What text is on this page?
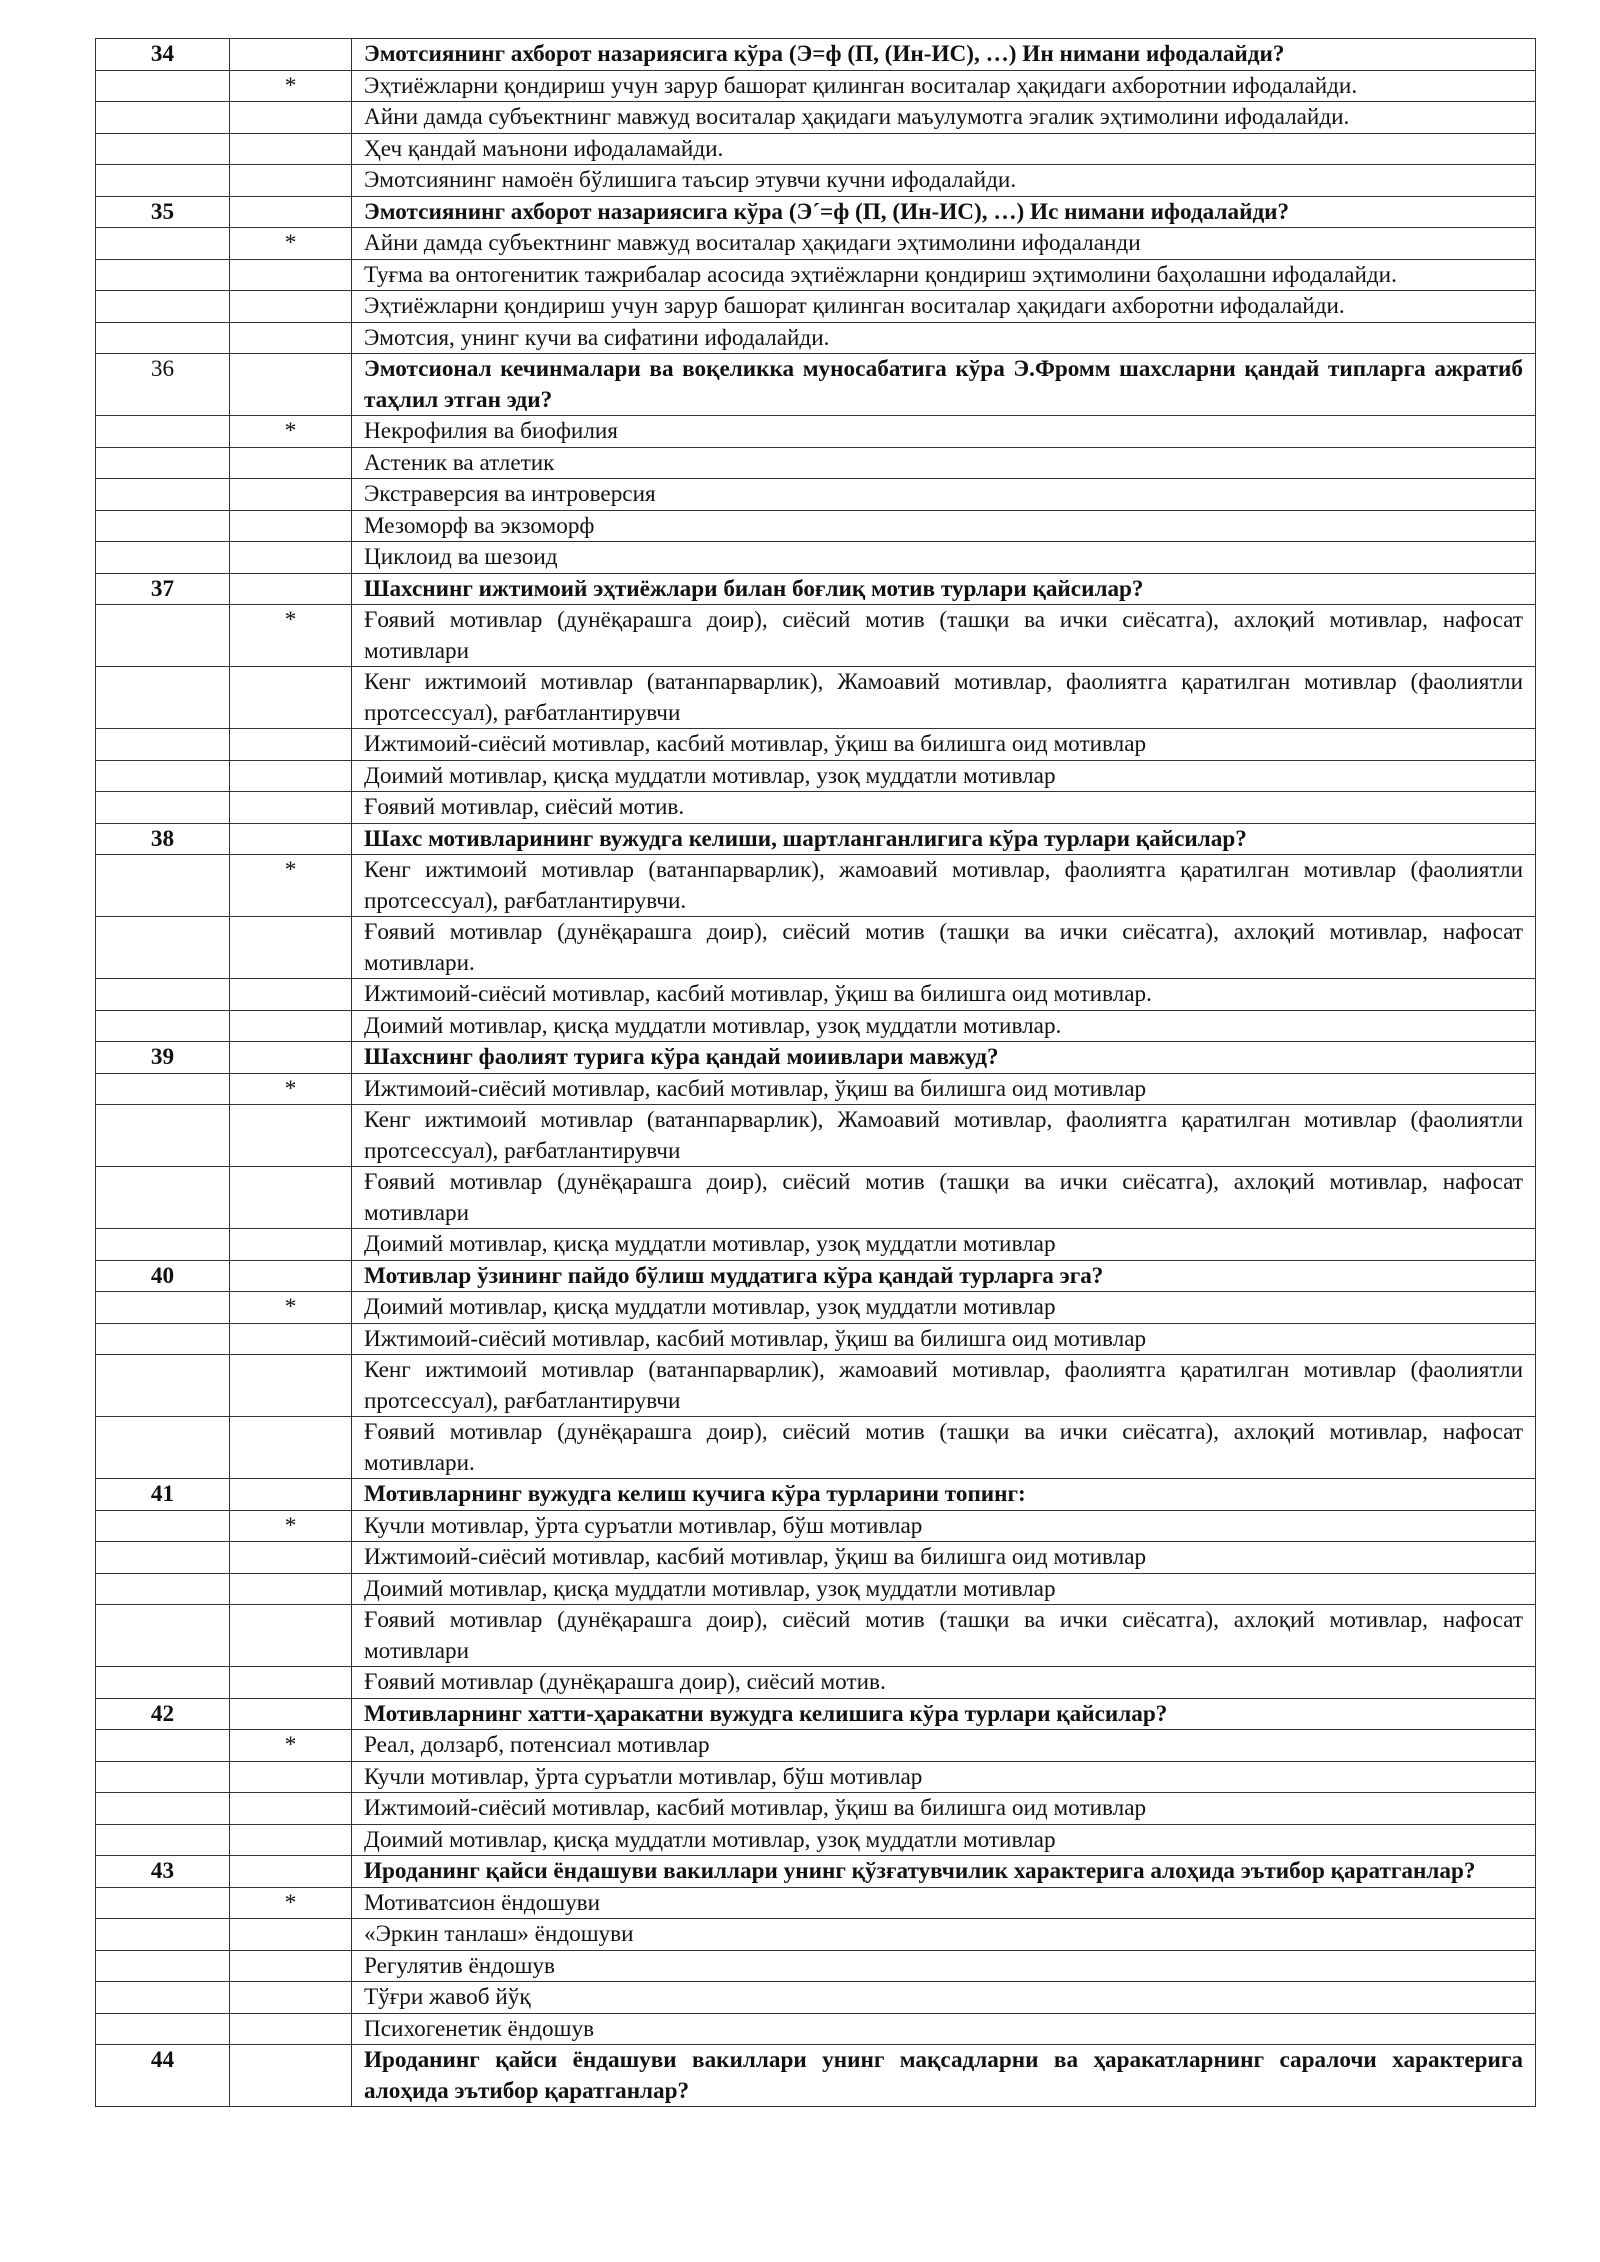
34		Эмотсиянинг ахборот назариясига кўра (Э=ф (П, (Ин-ИС), …) Ин нимани ифодалайди?
	*	Эҳтиёжларни қондириш учун зарур башорат қилинган воситалар ҳақидаги ахборотнии ифодалайди.
		Айни дамда субъектнинг мавжуд воситалар ҳақидаги маъулумотга эгалик эҳтимолини ифодалайди.
		Ҳеч қандай маънони ифодаламайди.
		Эмотсиянинг намоён бўлишига таъсир этувчи кучни ифодалайди.
35		Эмотсиянинг ахборот назариясига кўра (Э´=ф (П, (Ин-ИС), …) Иc нимани ифодалайди?
	*	Айни дамда субъектнинг мавжуд воситалар ҳақидаги эҳтимолини ифодаланди
		Туғма ва онтогенитик тажрибалар асосида эҳтиёжларни қондириш эҳтимолини баҳолашни ифодалайди.
		Эҳтиёжларни қондириш учун зарур башорат қилинган воситалар ҳақидаги ахборотни ифодалайди.
		Эмотсия, унинг кучи ва сифатини ифодалайди.
36		Эмотсионал кечинмалари ва воқеликка муносабатига кўра Э.Фромм шахсларни қандай типларга ажратиб таҳлил этган эди?
	*	Некрофилия ва биофилия
		Астеник ва атлетик
		Экстраверсия ва интроверсия
		Мезоморф ва экзоморф
		Циклоид ва шезоид
37		Шахснинг ижтимоий эҳтиёжлари билан боғлиқ мотив турлари қайсилар?
	*	Ғоявий мотивлар (дунёқарашга доир), сиёсий мотив (ташқи ва ички сиёсатга), ахлоқий мотивлар, нафосат мотивлари
		Кенг ижтимоий мотивлар (ватанпарварлик), Жамоавий мотивлар, фаолиятга қаратилган мотивлар (фаолиятли протсессуал), рағбатлантирувчи
		Ижтимоий-сиёсий мотивлар, касбий мотивлар, ўқиш ва билишга оид мотивлар
		Доимий мотивлар, қисқа муддатли мотивлар, узоқ муддатли мотивлар
		Ғоявий мотивлар, сиёсий мотив.
38		Шахс мотивларининг вужудга келиши, шартланганлигига кўра турлари қайсилар?
	*	Кенг ижтимоий мотивлар (ватанпарварлик), жамоавий мотивлар, фаолиятга қаратилган мотивлар (фаолиятли протсессуал), рағбатлантирувчи.
		Ғоявий мотивлар (дунёқарашга доир), сиёсий мотив (ташқи ва ички сиёсатга), ахлоқий мотивлар, нафосат мотивлари.
		Ижтимоий-сиёсий мотивлар, касбий мотивлар, ўқиш ва билишга оид мотивлар.
		Доимий мотивлар, қисқа муддатли мотивлар, узоқ муддатли мотивлар.
39		Шахснинг фаолият турига кўра қандай моиивлари мавжуд?
	*	Ижтимоий-сиёсий мотивлар, касбий мотивлар, ўқиш ва билишга оид мотивлар
		Кенг ижтимоий мотивлар (ватанпарварлик), Жамоавий мотивлар, фаолиятга қаратилган мотивлар (фаолиятли протсессуал), рағбатлантирувчи
		Ғоявий мотивлар (дунёқарашга доир), сиёсий мотив (ташқи ва ички сиёсатга), ахлоқий мотивлар, нафосат мотивлари
		Доимий мотивлар, қисқа муддатли мотивлар, узоқ муддатли мотивлар
40		Мотивлар ўзининг пайдо бўлиш муддатига кўра қандай турларга эга?
	*	Доимий мотивлар, қисқа муддатли мотивлар, узоқ муддатли мотивлар
		Ижтимоий-сиёсий мотивлар, касбий мотивлар, ўқиш ва билишга оид мотивлар
		Кенг ижтимоий мотивлар (ватанпарварлик), жамоавий мотивлар, фаолиятга қаратилган мотивлар (фаолиятли протсессуал), рағбатлантирувчи
		Ғоявий мотивлар (дунёқарашга доир), сиёсий мотив (ташқи ва ички сиёсатга), ахлоқий мотивлар, нафосат мотивлари.
41		Мотивларнинг вужудга келиш кучига кўра турларини топинг:
	*	Кучли мотивлар, ўрта суръатли мотивлар, бўш мотивлар
		Ижтимоий-сиёсий мотивлар, касбий мотивлар, ўқиш ва билишга оид мотивлар
		Доимий мотивлар, қисқа муддатли мотивлар, узоқ муддатли мотивлар
		Ғоявий мотивлар (дунёқарашга доир), сиёсий мотив (ташқи ва ички сиёсатга), ахлоқий мотивлар, нафосат мотивлари
		Ғоявий мотивлар (дунёқарашга доир), сиёсий мотив.
42		Мотивларнинг хатти-ҳаракатни вужудга келишига кўра турлари қайсилар?
	*	Реал, долзарб, потенсиал мотивлар
		Кучли мотивлар, ўрта суръатли мотивлар, бўш мотивлар
		Ижтимоий-сиёсий мотивлар, касбий мотивлар, ўқиш ва билишга оид мотивлар
		Доимий мотивлар, қисқа муддатли мотивлар, узоқ муддатли мотивлар
43		Ироданинг қайси ёндашуви вакиллари унинг қўзғатувчилик характерига алоҳида эътибор қаратганлар?
	*	Мотиватсион ёндошуви
		«Эркин танлаш» ёндошуви
		Регулятив ёндошув
		Тўғри жавоб йўқ
		Психогенетик ёндошув
44		Ироданинг қайси ёндашуви вакиллари унинг мақсадларни ва ҳаракатларнинг саралочи характерига алоҳида эътибор қаратганлар?
